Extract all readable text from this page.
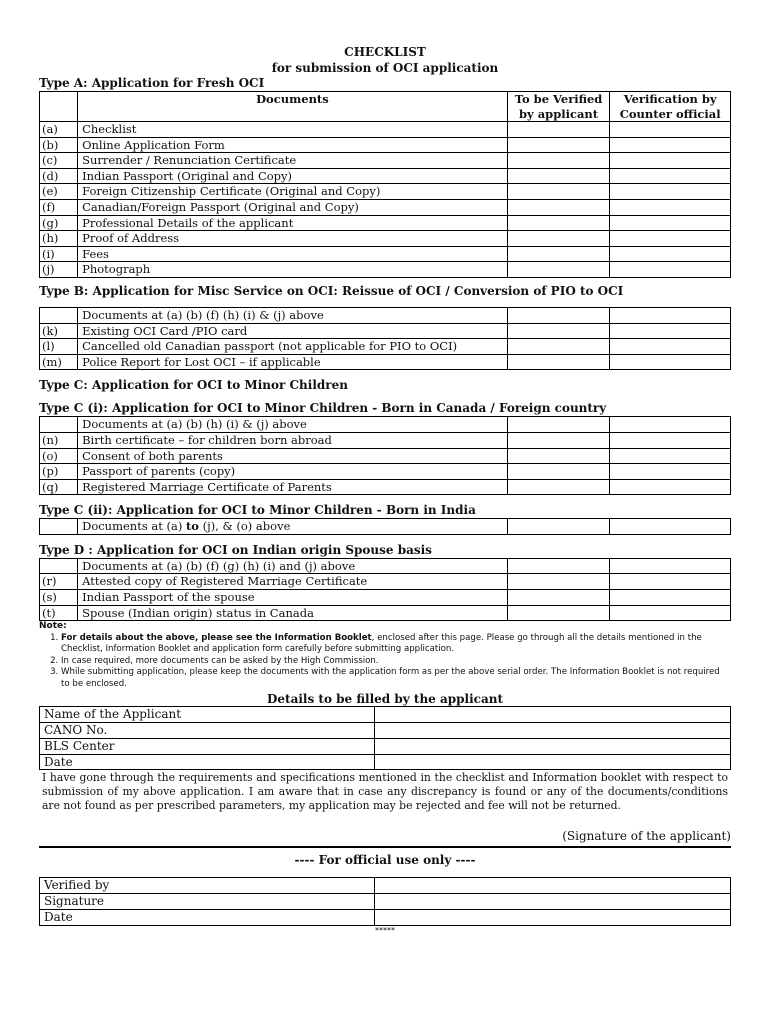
CHECKLIST
for submission of OCI application
Type A: Application for Fresh OCI
	Documents	To be Verified by applicant	Verification by Counter official
(a)	Checklist		
(b)	Online Application Form		
(c)	Surrender / Renunciation Certificate		
(d)	Indian Passport (Original and Copy)		
(e)	Foreign Citizenship Certificate (Original and Copy)		
(f)	Canadian/Foreign Passport (Original and Copy)		
(g)	Professional Details of the applicant		
(h)	Proof of Address		
(i)	Fees		
(j)	Photograph		
Type B: Application for Misc Service on OCI: Reissue of OCI / Conversion of PIO to OCI
	Documents at (a) (b) (f) (h) (i) & (j) above		
(k)	Existing OCI Card /PIO card		
(l)	Cancelled old Canadian passport (not applicable for PIO to OCI)		
(m)	Police Report for Lost OCI – if applicable		
Type C: Application for OCI to Minor Children
Type C (i): Application for OCI to Minor Children - Born in Canada / Foreign country
	Documents at (a) (b) (h) (i) & (j) above		
(n)	Birth certificate – for children born abroad		
(o)	Consent of both parents		
(p)	Passport of parents (copy)		
(q)	Registered Marriage Certificate of Parents		
Type C (ii): Application for OCI to Minor Children - Born in India
	Documents at (a) to (j), & (o) above		
Type D : Application for OCI on Indian origin Spouse basis
	Documents at (a) (b) (f) (g) (h) (i) and (j) above		
(r)	Attested copy of Registered Marriage Certificate		
(s)	Indian Passport of the spouse		
(t)	Spouse (Indian origin) status in Canada		
Note:
1. For details about the above, please see the Information Booklet, enclosed after this page. Please go through all the details mentioned in the Checklist, Information Booklet and application form carefully before submitting application.
2. In case required, more documents can be asked by the High Commission.
3. While submitting application, please keep the documents with the application form as per the above serial order. The Information Booklet is not required to be enclosed.
Details to be filled by the applicant
Name of the Applicant	
CANO No.	
BLS Center	
Date	
I have gone through the requirements and specifications mentioned in the checklist and Information booklet with respect to submission of my above application. I am aware that in case any discrepancy is found or any of the documents/conditions are not found as per prescribed parameters, my application may be rejected and fee will not be returned.
(Signature of the applicant)
---- For official use only ----
Verified by	
Signature	
Date	
*****
